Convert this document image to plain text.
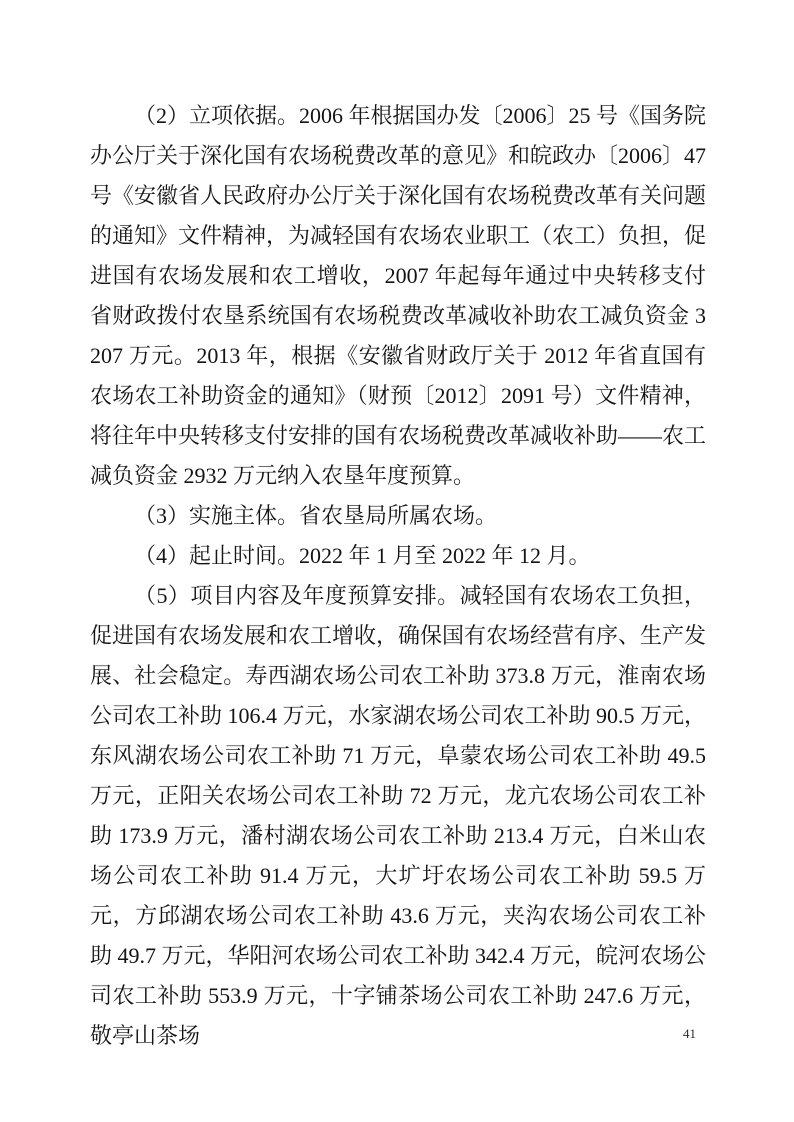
（2）立项依据。2006 年根据国办发〔2006〕25 号《国务院办公厅关于深化国有农场税费改革的意见》和皖政办〔2006〕47 号《安徽省人民政府办公厅关于深化国有农场税费改革有关问题的通知》文件精神，为减轻国有农场农业职工（农工）负担，促进国有农场发展和农工增收，2007 年起每年通过中央转移支付省财政拨付农垦系统国有农场税费改革减收补助农工减负资金 3207 万元。2013 年，根据《安徽省财政厅关于 2012 年省直国有农场农工补助资金的通知》（财预〔2012〕2091 号）文件精神，将往年中央转移支付安排的国有农场税费改革减收补助——农工减负资金 2932 万元纳入农垦年度预算。

（3）实施主体。省农垦局所属农场。

（4）起止时间。2022 年 1 月至 2022 年 12 月。

（5）项目内容及年度预算安排。减轻国有农场农工负担，促进国有农场发展和农工增收，确保国有农场经营有序、生产发展、社会稳定。寿西湖农场公司农工补助 373.8 万元，淮南农场公司农工补助 106.4 万元，水家湖农场公司农工补助 90.5 万元，东风湖农场公司农工补助 71 万元，阜蒙农场公司农工补助 49.5 万元，正阳关农场公司农工补助 72 万元，龙亢农场公司农工补助 173.9 万元，潘村湖农场公司农工补助 213.4 万元，白米山农场公司农工补助 91.4 万元，大圹圩农场公司农工补助 59.5 万元，方邱湖农场公司农工补助 43.6 万元，夹沟农场公司农工补助 49.7 万元，华阳河农场公司农工补助 342.4 万元，皖河农场公司农工补助 553.9 万元，十字铺茶场公司农工补助 247.6 万元，敬亭山茶场	41
